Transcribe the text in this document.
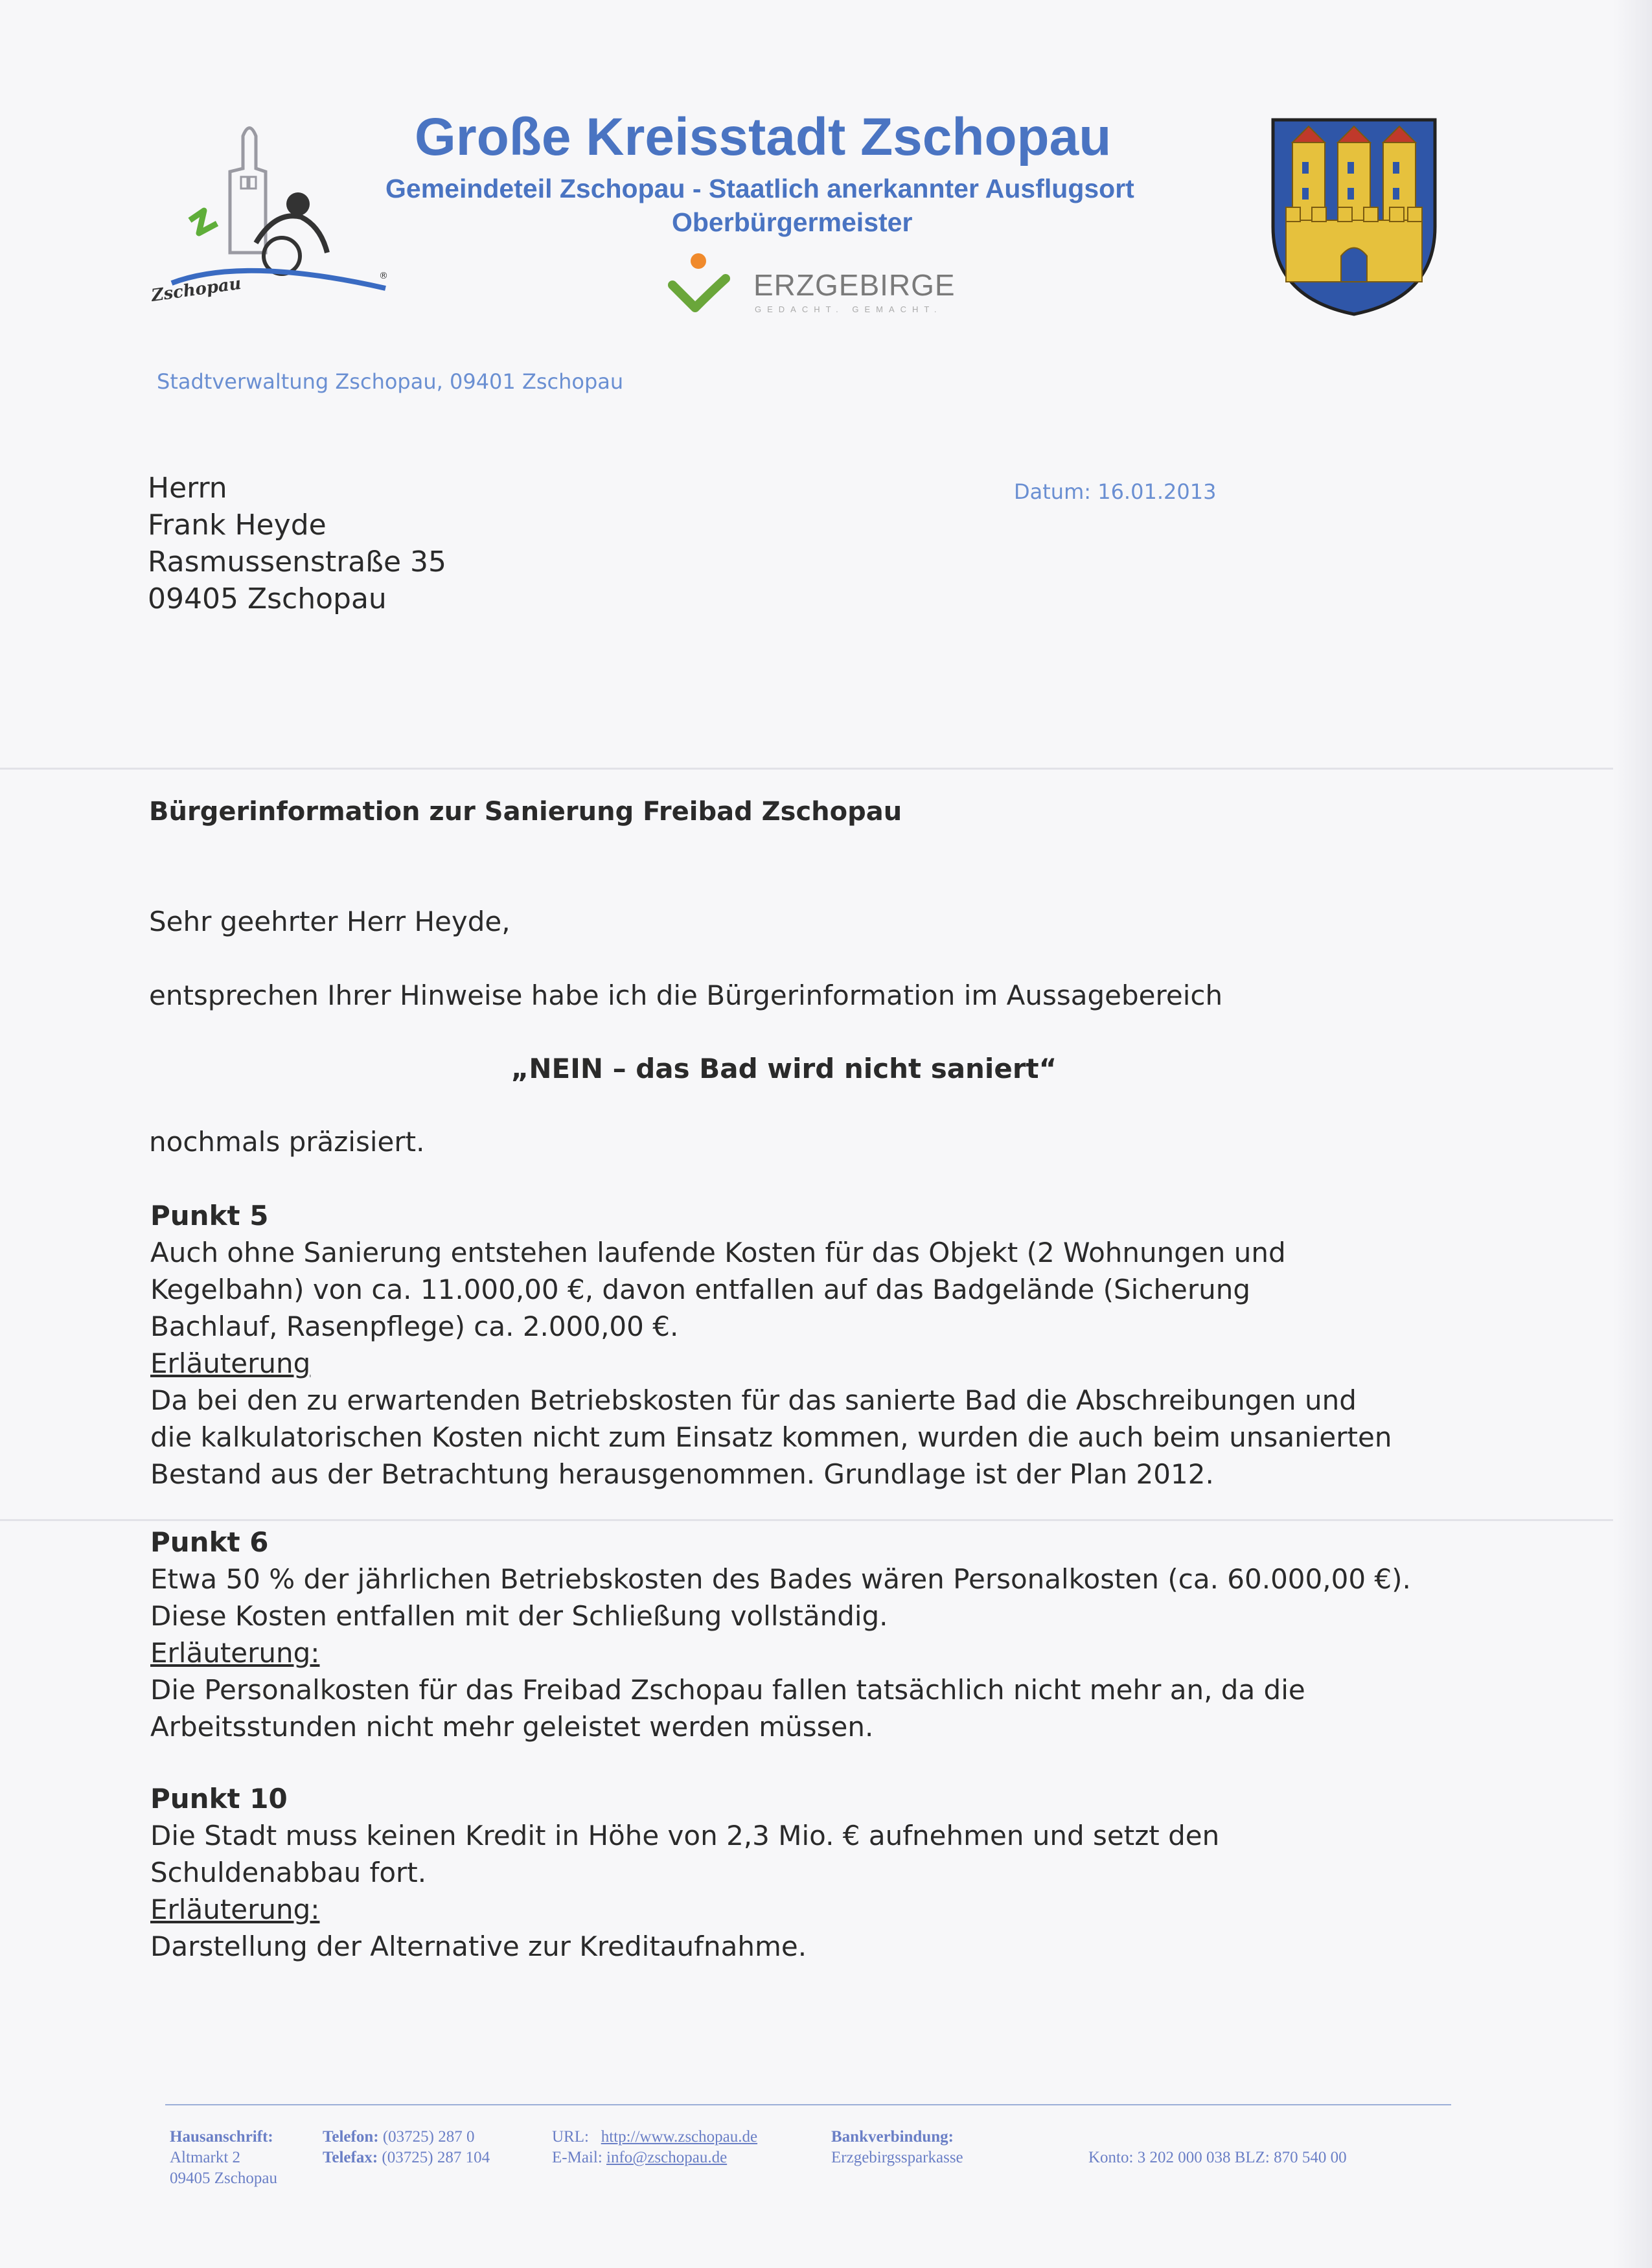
Zschopau	®
Große Kreisstadt Zschopau
Gemeindeteil Zschopau - Staatlich anerkannter Ausflugsort
Oberbürgermeister
ERZGEBIRGE
GEDACHT. GEMACHT.
Stadtverwaltung Zschopau, 09401 Zschopau
Herrn
Frank Heyde
Rasmussenstraße 35
09405 Zschopau
Datum: 16.01.2013
Bürgerinformation zur Sanierung Freibad Zschopau
Sehr geehrter Herr Heyde,
entsprechen Ihrer Hinweise habe ich die Bürgerinformation im Aussagebereich
„NEIN – das Bad wird nicht saniert“
nochmals präzisiert.
Punkt 5
Auch ohne Sanierung entstehen laufende Kosten für das Objekt (2 Wohnungen und
Kegelbahn) von ca. 11.000,00 €, davon entfallen auf das Badgelände (Sicherung
Bachlauf, Rasenpflege) ca. 2.000,00 €.
Erläuterung
Da bei den zu erwartenden Betriebskosten für das sanierte Bad die Abschreibungen und
die kalkulatorischen Kosten nicht zum Einsatz kommen, wurden die auch beim unsanierten
Bestand aus der Betrachtung herausgenommen. Grundlage ist der Plan 2012.
Punkt 6
Etwa 50 % der jährlichen Betriebskosten des Bades wären Personalkosten (ca. 60.000,00 €).
Diese Kosten entfallen mit der Schließung vollständig.
Erläuterung:
Die Personalkosten für das Freibad Zschopau fallen tatsächlich nicht mehr an, da die
Arbeitsstunden nicht mehr geleistet werden müssen.
Punkt 10
Die Stadt muss keinen Kredit in Höhe von 2,3 Mio. € aufnehmen und setzt den
Schuldenabbau fort.
Erläuterung:
Darstellung der Alternative zur Kreditaufnahme.
Hausanschrift:
Altmarkt 2
09405 Zschopau
Telefon: (03725) 287 0
Telefax: (03725) 287 104
URL: http://www.zschopau.de
E-Mail: info@zschopau.de
Bankverbindung:
Erzgebirgssparkasse	Konto: 3 202 000 038 BLZ: 870 540 00
